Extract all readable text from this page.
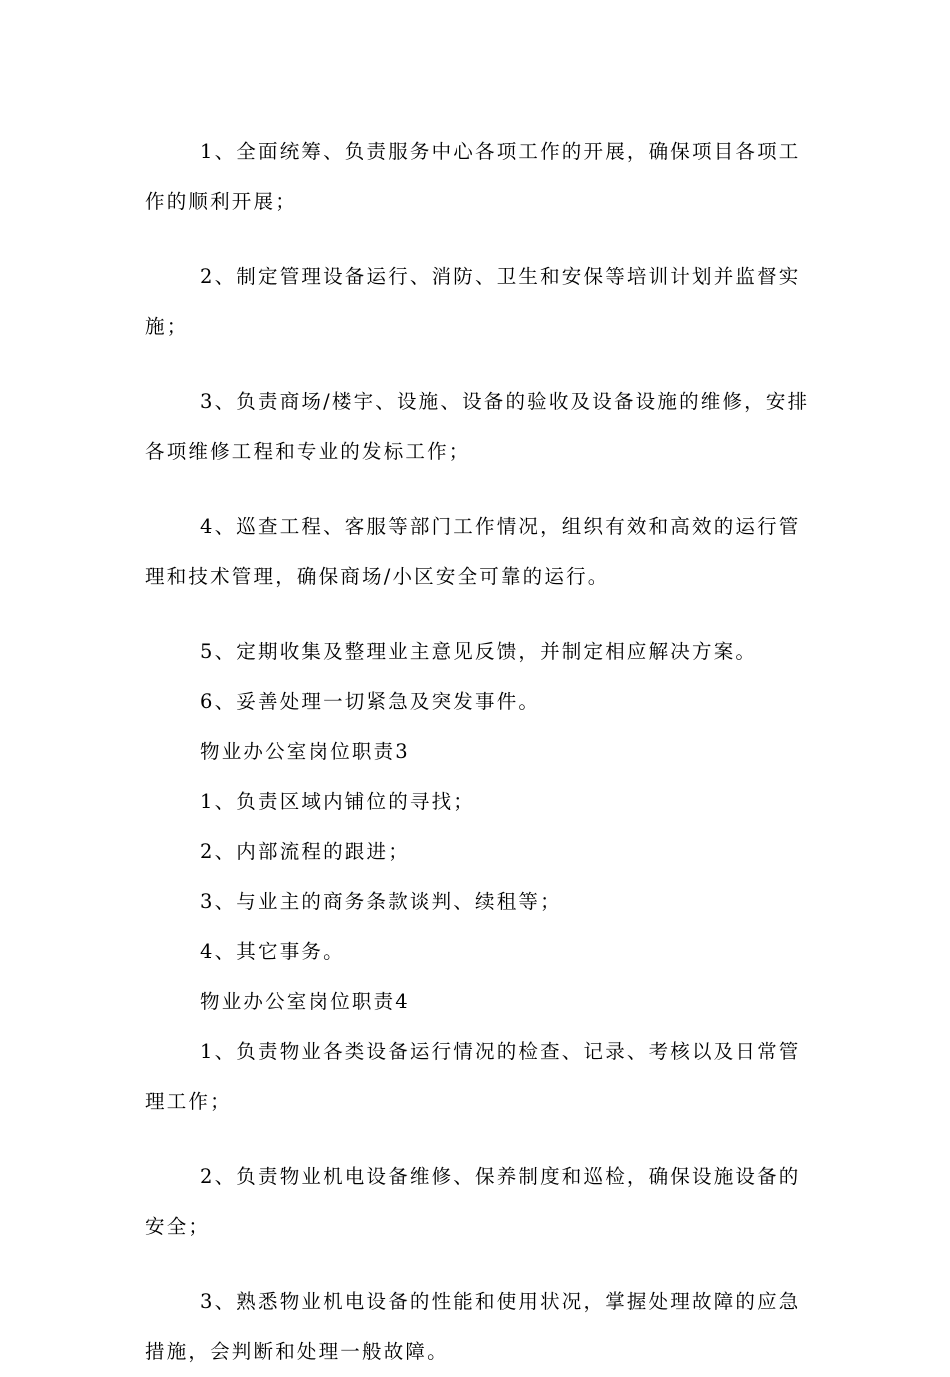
1、全面统筹、负责服务中心各项工作的开展，确保项目各项工作的顺利开展；

2、制定管理设备运行、消防、卫生和安保等培训计划并监督实施；

3、负责商场/楼宇、设施、设备的验收及设备设施的维修，安排各项维修工程和专业的发标工作；

4、巡查工程、客服等部门工作情况，组织有效和高效的运行管理和技术管理，确保商场/小区安全可靠的运行。

5、定期收集及整理业主意见反馈，并制定相应解决方案。

6、妥善处理一切紧急及突发事件。

物业办公室岗位职责3

1、负责区域内铺位的寻找；

2、内部流程的跟进；

3、与业主的商务条款谈判、续租等；

4、其它事务。

物业办公室岗位职责4

1、负责物业各类设备运行情况的检查、记录、考核以及日常管理工作；

2、负责物业机电设备维修、保养制度和巡检，确保设施设备的安全；

3、熟悉物业机电设备的性能和使用状况，掌握处理故障的应急措施，会判断和处理一般故障。
